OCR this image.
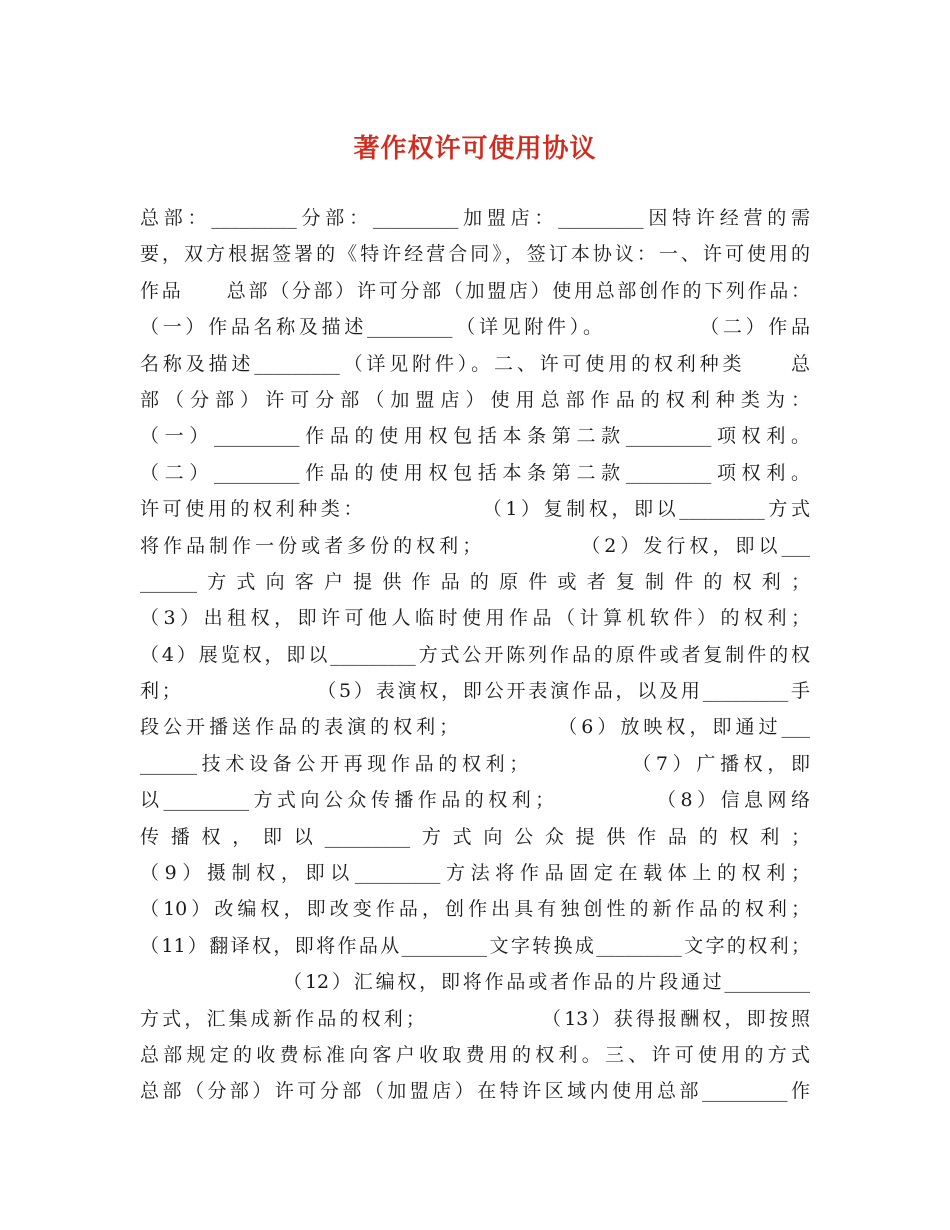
著作权许可使用协议

总部：_________分部：_________加盟店：_________因特许经营的需

要，双方根据签署的《特许经营合同》，签订本协议：一、许可使用的

作品　　总部（分部）许可分部（加盟店）使用总部创作的下列作品：

（一）作品名称及描述_________（详见附件）。　　　　　（二）作品

名称及描述_________（详见附件）。二、许可使用的权利种类　　总

部（分部）许可分部（加盟店）使用总部作品的权利种类为：

（一）_________作品的使用权包括本条第二款_________项权利。

（二）_________作品的使用权包括本条第二款_________项权利。

许可使用的权利种类：　　　　　　（1）复制权，即以_________方式

将作品制作一份或者多份的权利；　　　　　（2）发行权，即以___

______方式向客户提供作品的原件或者复制件的权利；

（3）出租权，即许可他人临时使用作品（计算机软件）的权利；

（4）展览权，即以_________方式公开陈列作品的原件或者复制件的权

利；　　　　　　　（5）表演权，即公开表演作品，以及用_________手

段公开播送作品的表演的权利；　　　　　（6）放映权，即通过___

______技术设备公开再现作品的权利；　　　　　（7）广播权，即

以_________方式向公众传播作品的权利；　　　　　（8）信息网络

传播权，即以_________方式向公众提供作品的权利；

（9）摄制权，即以_________方法将作品固定在载体上的权利；

（10）改编权，即改变作品，创作出具有独创性的新作品的权利；

（11）翻译权，即将作品从_________文字转换成_________文字的权利；

　　　　　　　（12）汇编权，即将作品或者作品的片段通过_________

方式，汇集成新作品的权利；　　　　　　（13）获得报酬权，即按照

总部规定的收费标准向客户收取费用的权利。三、许可使用的方式

总部（分部）许可分部（加盟店）在特许区域内使用总部_________作
